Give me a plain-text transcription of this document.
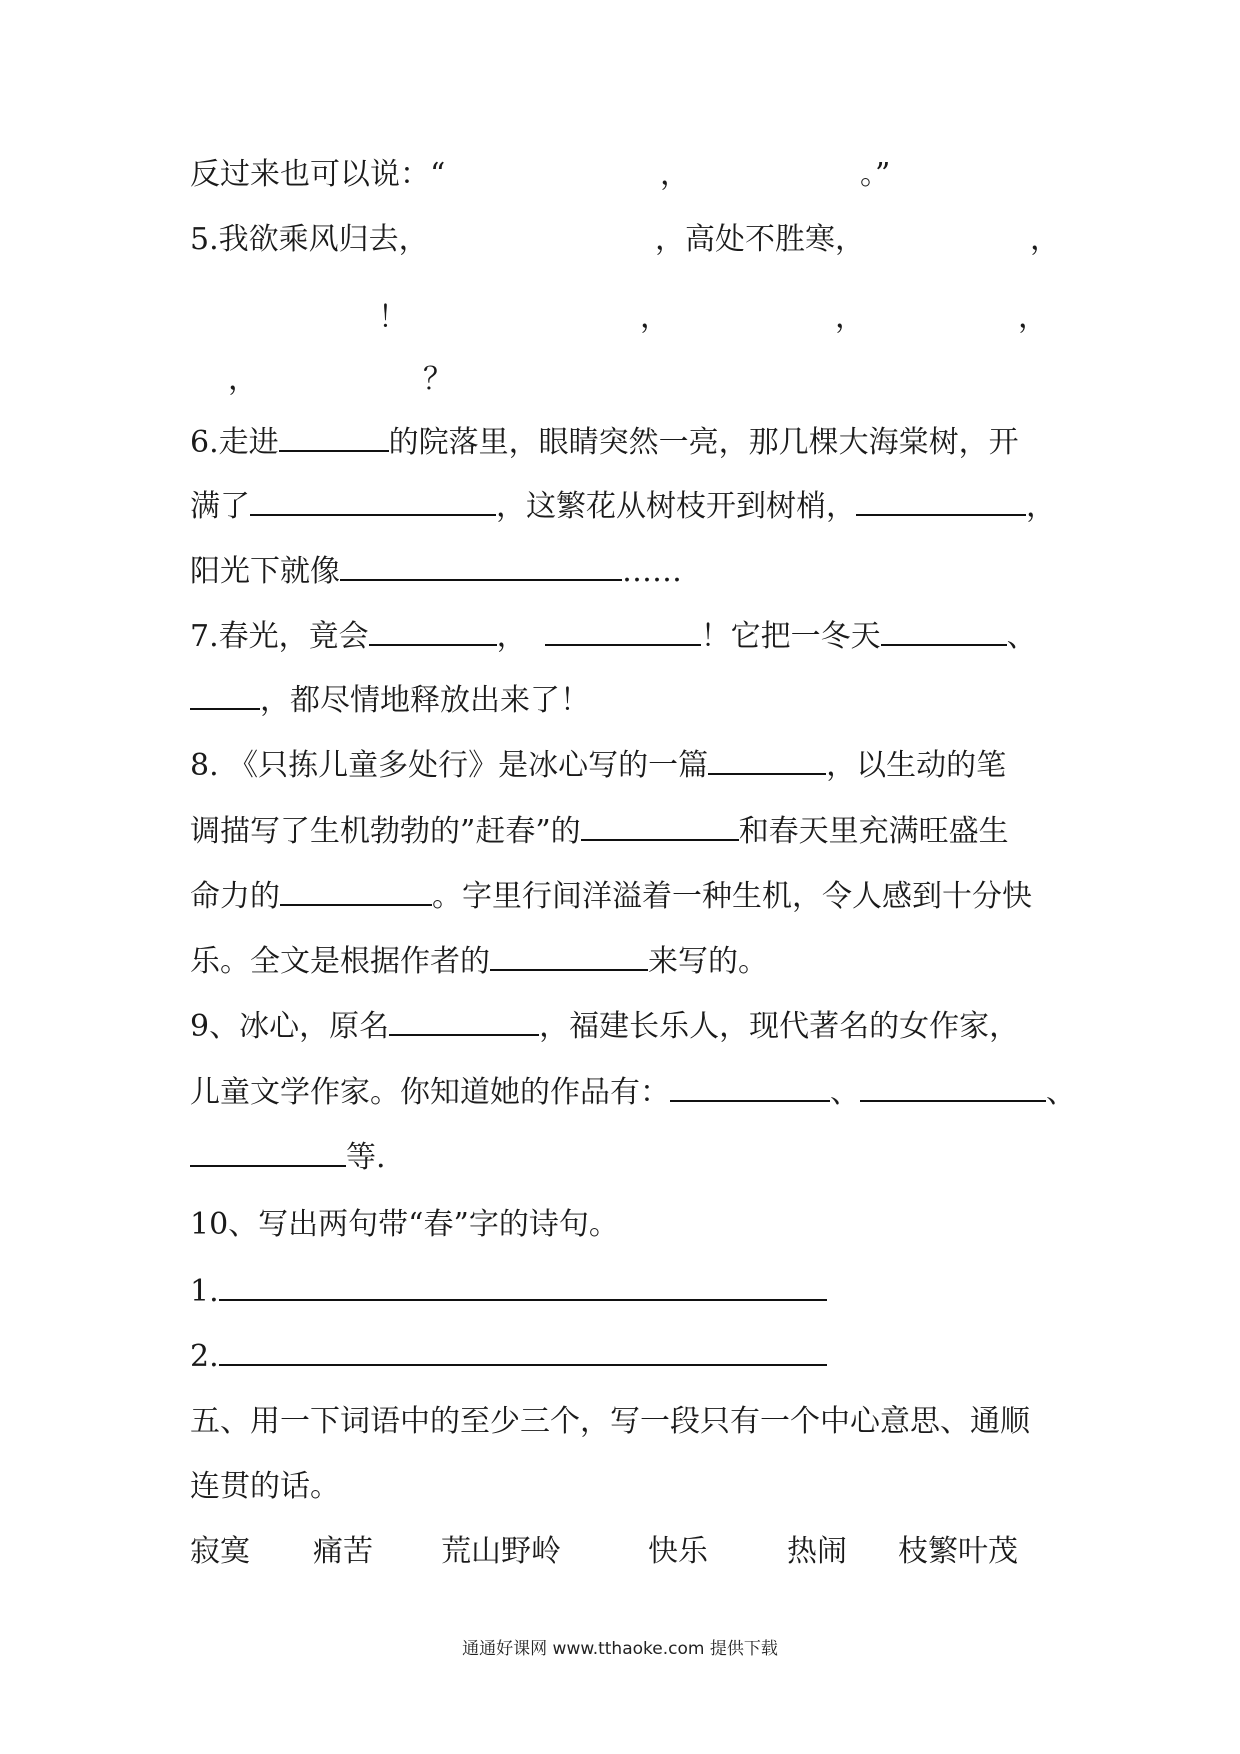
反过来也可以说：“	，	。”
5.我欲乘风归去，	，高处不胜寒，	，
！	，	，	，
，	？
6.走进	的院落里，眼睛突然一亮，那几棵大海棠树，开
满了	，这繁花从树枝开到树梢，	，
阳光下就像	……
7.春光，竟会	，	！它把一冬天	、
，都尽情地释放出来了！
8. 《只拣儿童多处行》是冰心写的一篇	，以生动的笔
调描写了生机勃勃的”赶春”的	和春天里充满旺盛生
命力的	。字里行间洋溢着一种生机，令人感到十分快
乐。全文是根据作者的	来写的。
9、冰心，原名	，福建长乐人，现代著名的女作家，
儿童文学作家。你知道她的作品有：	、	、
等.
10、写出两句带“春”字的诗句。
1.
2.
五、用一下词语中的至少三个，写一段只有一个中心意思、通顺
连贯的话。
寂寞 痛苦 荒山野岭	快乐	热闹 枝繁叶茂
通通好课网 www.tthaoke.com 提供下载
